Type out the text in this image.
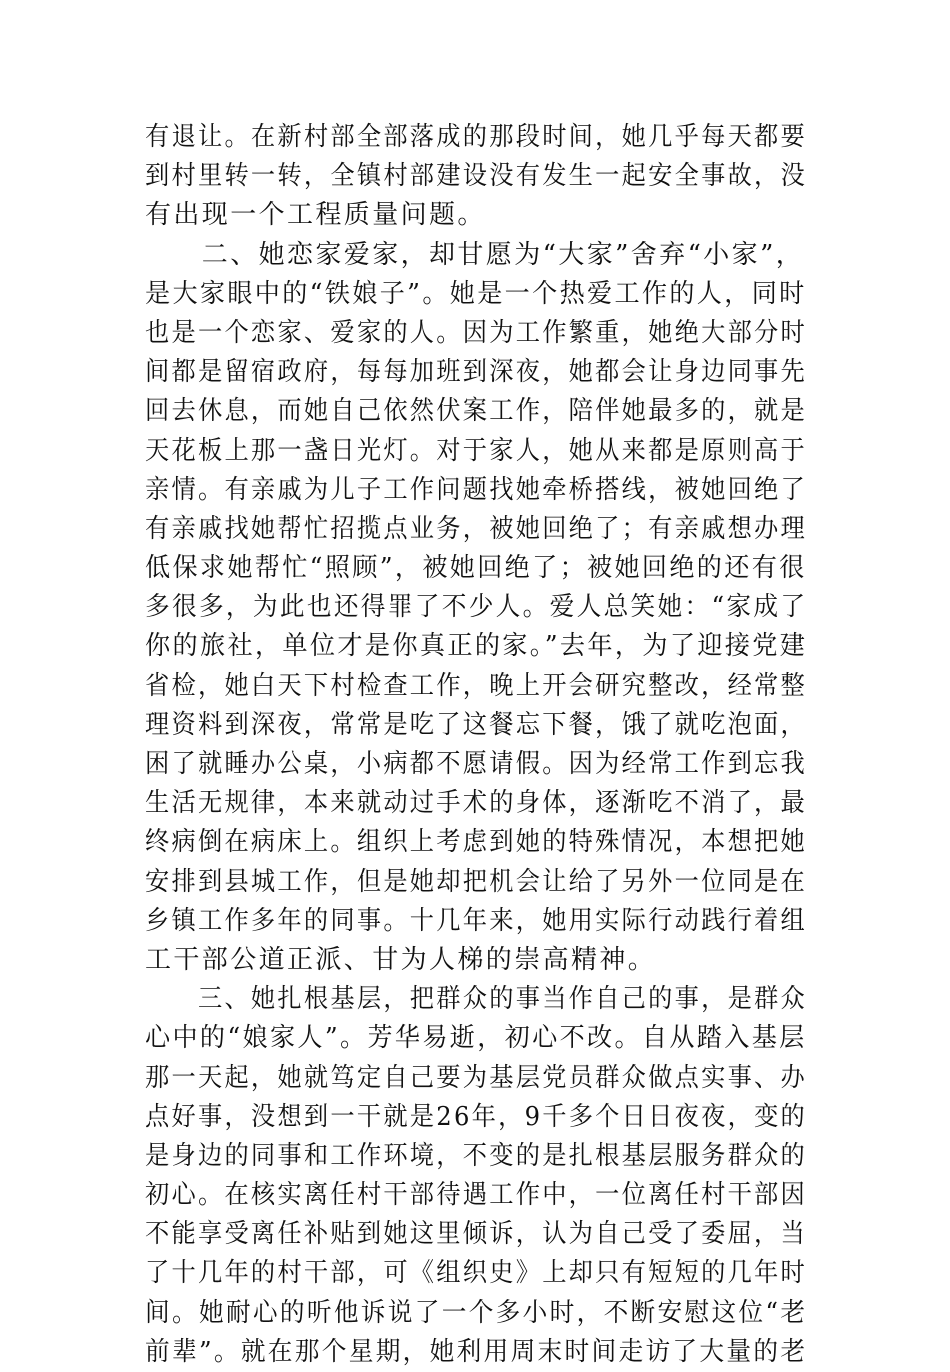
有退让。在新村部全部落成的那段时间，她几乎每天都要
到村里转一转，全镇村部建设没有发生一起安全事故，没
有出现一个工程质量问题。
　　二、她恋家爱家，却甘愿为“大家”舍弃“小家”，
是大家眼中的“铁娘子”。她是一个热爱工作的人，同时
也是一个恋家、爱家的人。因为工作繁重，她绝大部分时
间都是留宿政府，每每加班到深夜，她都会让身边同事先
回去休息，而她自己依然伏案工作，陪伴她最多的，就是
天花板上那一盏日光灯。对于家人，她从来都是原则高于
亲情。有亲戚为儿子工作问题找她牵桥搭线，被她回绝了
有亲戚找她帮忙招揽点业务，被她回绝了；有亲戚想办理
低保求她帮忙“照顾”，被她回绝了；被她回绝的还有很
多很多，为此也还得罪了不少人。爱人总笑她：“家成了
你的旅社，单位才是你真正的家。”去年，为了迎接党建
省检，她白天下村检查工作，晚上开会研究整改，经常整
理资料到深夜，常常是吃了这餐忘下餐，饿了就吃泡面，
困了就睡办公桌，小病都不愿请假。因为经常工作到忘我
生活无规律，本来就动过手术的身体，逐渐吃不消了，最
终病倒在病床上。组织上考虑到她的特殊情况，本想把她
安排到县城工作，但是她却把机会让给了另外一位同是在
乡镇工作多年的同事。十几年来，她用实际行动践行着组
工干部公道正派、甘为人梯的崇高精神。
　　三、她扎根基层，把群众的事当作自己的事，是群众
心中的“娘家人”。芳华易逝，初心不改。自从踏入基层
那一天起，她就笃定自己要为基层党员群众做点实事、办
点好事，没想到一干就是26年，9千多个日日夜夜，变的
是身边的同事和工作环境，不变的是扎根基层服务群众的
初心。在核实离任村干部待遇工作中，一位离任村干部因
不能享受离任补贴到她这里倾诉，认为自己受了委屈，当
了十几年的村干部，可《组织史》上却只有短短的几年时
间。她耐心的听他诉说了一个多小时，不断安慰这位“老
前辈”。就在那个星期，她利用周末时间走访了大量的老
